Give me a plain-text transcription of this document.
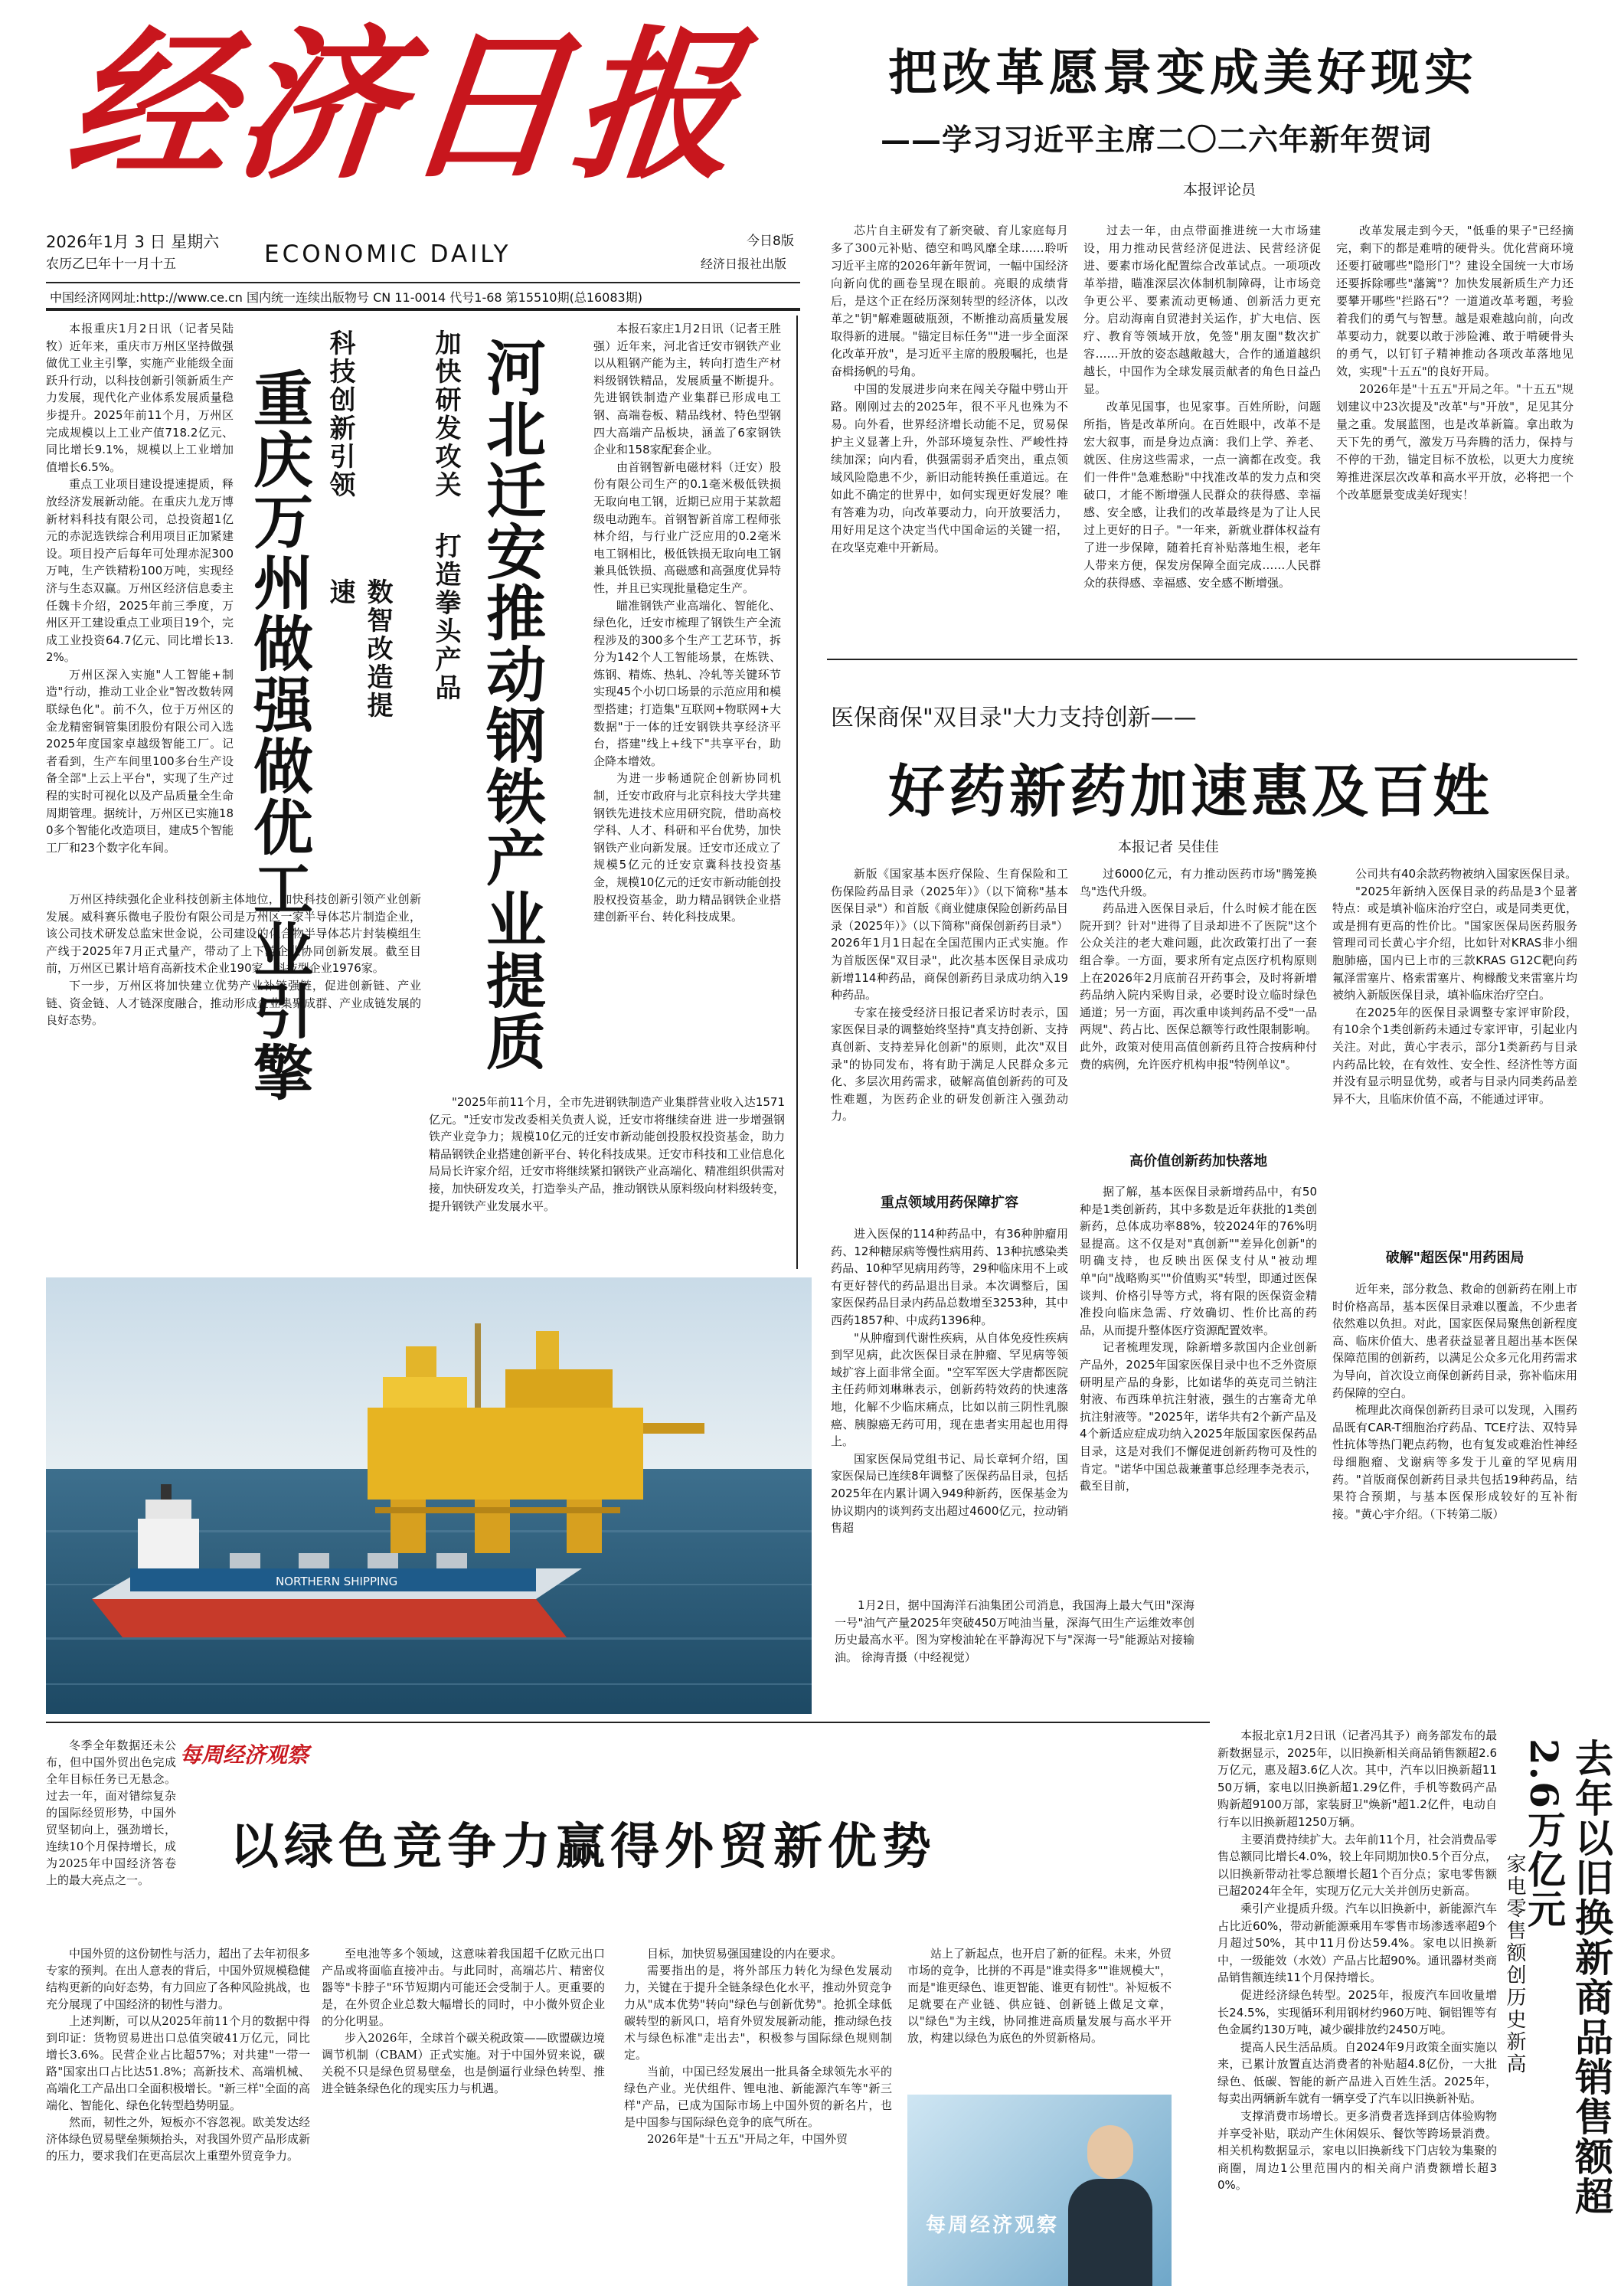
经济日报
2026年1月 3 日 星期六
农历乙巳年十一月十五	ECONOMIC DAILY	今日8版
经济日报社出版
中国经济网网址:http://www.ce.cn 国内统一连续出版物号 CN 11-0014 代号1-68 第15510期(总16083期)
把改革愿景变成美好现实
——学习习近平主席二〇二六年新年贺词
本报评论员

芯片自主研发有了新突破、育儿家庭每月多了300元补贴、德空和鸣风靡全球……聆听习近平主席的2026年新年贺词，一幅中国经济向新向优的画卷呈现在眼前。亮眼的成绩背后，是这个正在经历深刻转型的经济体，以改革之"钥"解难题破瓶颈，不断推动高质量发展取得新的进展。"锚定目标任务""进一步全面深化改革开放"，是习近平主席的殷殷嘱托，也是奋楫扬帆的号角。

中国的发展进步向来在闯关夺隘中劈山开路。刚刚过去的2025年，很不平凡也殊为不易。向外看，世界经济增长动能不足，贸易保护主义显著上升，外部环境复杂性、严峻性持续加深；向内看，供强需弱矛盾突出，重点领域风险隐患不少，新旧动能转换任重道远。在如此不确定的世界中，如何实现更好发展？唯有答难为功，向改革要动力，向开放要活力，用好用足这个决定当代中国命运的关键一招，在攻坚克难中开新局。

过去一年，由点带面推进统一大市场建设，用力推动民营经济促进法、民营经济促进、要素市场化配置综合改革试点。一项项改革举措，瞄准深层次体制机制障碍，让市场竞争更公平、要素流动更畅通、创新活力更充分。启动海南自贸港封关运作，扩大电信、医疗、教育等领域开放，免签"朋友圈"数次扩容……开放的姿态越敞越大，合作的通道越织越长，中国作为全球发展贡献者的角色日益凸显。

改革见国事，也见家事。百姓所盼，问题所指，皆是改革所向。在百姓眼中，改革不是宏大叙事，而是身边点滴：我们上学、养老、就医、住房这些需求，一点一滴都在改变。我们一件件"急难愁盼"中找准改革的发力点和突破口，才能不断增强人民群众的获得感、幸福感、安全感，让我们的改革最终是为了让人民过上更好的日子。"一年来，新就业群体权益有了进一步保障，随着托育补贴落地生根，老年人带来方便，保发房保障全面完成……人民群众的获得感、幸福感、安全感不断增强。

改革发展走到今天，"低垂的果子"已经摘完，剩下的都是难啃的硬骨头。优化营商环境还要打破哪些"隐形门"？建设全国统一大市场还要拆除哪些"藩篱"？加快发展新质生产力还要攀开哪些"拦路石"？一道道改革考题，考验着我们的勇气与智慧。越是艰难越向前，向改革要动力，就要以敢于涉险滩、敢于啃硬骨头的勇气，以钉钉子精神推动各项改革落地见效，实现"十五五"的良好开局。

2026年是"十五五"开局之年。"十五五"规划建议中23次提及"改革"与"开放"，足见其分量之重。发展蓝图，也是改革新篇。拿出敢为天下先的勇气，激发万马奔腾的活力，保持与不停的干劲，锚定目标不放松，以更大力度统筹推进深层次改革和高水平开放，必将把一个个改革愿景变成美好现实！

本报重庆1月2日讯（记者吴陆牧）近年来，重庆市万州区坚持做强做优工业主引擎，实施产业能级全面跃升行动，以科技创新引领新质生产力发展，现代化产业体系发展质量稳步提升。2025年前11个月，万州区完成规模以上工业产值718.2亿元、同比增长9.1%，规模以上工业增加值增长6.5%。

重点工业项目建设提速提质，释放经济发展新动能。在重庆九龙万博新材料科技有限公司，总投资超1亿元的赤泥选铁综合利用项目正加紧建设。项目投产后每年可处理赤泥300万吨，生产铁精粉100万吨，实现经济与生态双赢。万州区经济信息委主任魏卡介绍，2025年前三季度，万州区开工建设重点工业项目19个，完成工业投资64.7亿元、同比增长13.2%。

万州区深入实施"人工智能+制造"行动，推动工业企业"智改数转网联绿色化"。前不久，位于万州区的金龙精密铜管集团股份有限公司入选2025年度国家卓越级智能工厂。记者看到，生产车间里100多台生产设备全部"上云上平台"，实现了生产过程的实时可视化以及产品质量全生命周期管理。据统计，万州区已实施180多个智能化改造项目，建成5个智能工厂和23个数字化车间。

科技创新引领
数智改造提速
重庆万州做强做优工业引擎

万州区持续强化企业科技创新主体地位，加快科技创新引领产业创新发展。威科赛乐微电子股份有限公司是万州区一家半导体芯片制造企业，该公司技术研发总监宋世金说，公司建设的化合物半导体芯片封装模组生产线于2025年7月正式量产，带动了上下游企业协同创新发展。截至目前，万州区已累计培育高新技术企业190家、科技型企业1976家。

下一步，万州区将加快建立优势产业补链强链，促进创新链、产业链、资金链、人才链深度融合，推动形成企业集聚成群、产业成链发展的良好态势。

加快研发攻关
打造拳头产品 河北迁安推动钢铁产业提质

本报石家庄1月2日讯（记者王胜强）近年来，河北省迁安市钢铁产业以从粗钢产能为主，转向打造生产材料级钢铁精品，发展质量不断提升。先进钢铁制造产业集群已形成电工钢、高端卷板、精品线材、特色型钢四大高端产品板块，涵盖了6家钢铁企业和158家配套企业。

由首钢智新电磁材料（迁安）股份有限公司生产的0.1毫米极低铁损无取向电工钢，近期已应用于某款超级电动跑车。首钢智新首席工程师张林介绍，与行业广泛应用的0.2毫米电工钢相比，极低铁损无取向电工钢兼具低铁损、高磁感和高强度优异特性，并且已实现批量稳定生产。

瞄准钢铁产业高端化、智能化、绿色化，迁安市梳理了钢铁生产全流程涉及的300多个生产工艺环节，拆分为142个人工智能场景，在炼铁、炼钢、精炼、热轧、冷轧等关键环节实现45个小切口场景的示范应用和模型搭建；打造集"互联网+物联网+大数据"于一体的迁安钢铁共享经济平台，搭建"线上+线下"共享平台，助企降本增效。

为进一步畅通院企创新协同机制，迁安市政府与北京科技大学共建钢铁先进技术应用研究院，借助高校学科、人才、科研和平台优势，加快钢铁产业向新发展。迁安市还成立了规模5亿元的迁安京冀科技投资基金，规模10亿元的迁安市新动能创投股权投资基金，助力精品钢铁企业搭建创新平台、转化科技成果。

"2025年前11个月，全市先进钢铁制造产业集群营业收入达1571亿元。"迁安市发改委相关负责人说，迁安市将继续奋进 进一步增强钢铁产业竞争力；规模10亿元的迁安市新动能创投股权投资基金，助力精品钢铁企业搭建创新平台、转化科技成果。迁安市科技和工业信息化局局长许家介绍，迁安市将继续紧扣钢铁产业高端化、精准组织供需对接，加快研发攻关，打造拳头产品，推动钢铁从原料级向材料级转变，提升钢铁产业发展水平。

医保商保"双目录"大力支持创新——
好药新药加速惠及百姓
本报记者 吴佳佳

新版《国家基本医疗保险、生育保险和工伤保险药品目录（2025年）》（以下简称"基本医保目录"）和首版《商业健康保险创新药品目录（2025年）》（以下简称"商保创新药目录"）2026年1月1日起在全国范围内正式实施。作为首版医保"双目录"，此次基本医保目录成功新增114种药品，商保创新药目录成功纳入19种药品。

专家在接受经济日报记者采访时表示，国家医保目录的调整始终坚持"真支持创新、支持真创新、支持差异化创新"的原则，此次"双目录"的协同发布，将有助于满足人民群众多元化、多层次用药需求，破解高值创新药的可及性难题，为医药企业的研发创新注入强劲动力。

重点领域用药保障扩容

进入医保的114种药品中，有36种肿瘤用药、12种糖尿病等慢性病用药、13种抗感染类药品、10种罕见病用药等，29种临床用不上或有更好替代的药品退出目录。本次调整后，国家医保药品目录内药品总数增至3253种，其中西药1857种、中成药1396种。

"从肿瘤到代谢性疾病，从自体免疫性疾病到罕见病，此次医保目录在肿瘤、罕见病等领域扩容上面非常全面。"空军军医大学唐都医院主任药师刘琳琳表示，创新药特效药的快速落地，化解不少临床痛点，比如以前三阴性乳腺癌、胰腺癌无药可用，现在患者实用起也用得上。

国家医保局党组书记、局长章轲介绍，国家医保局已连续8年调整了医保药品目录，包括2025年在内累计调入949种新药，医保基金为协议期内的谈判药支出超过4600亿元，拉动销售超

过6000亿元，有力推动医药市场"腾笼换鸟"迭代升级。

药品进入医保目录后，什么时候才能在医院开到？针对"进得了目录却进不了医院"这个公众关注的老大难问题，此次政策打出了一套组合拳。一方面，要求所有定点医疗机构原则上在2026年2月底前召开药事会，及时将新增药品纳入院内采购目录，必要时设立临时绿色通道；另一方面，再次重申谈判药品不受"一品两规"、药占比、医保总额等行政性限制影响。此外，政策对使用高值创新药且符合按病种付费的病例，允许医疗机构申报"特例单议"。

高价值创新药加快落地

据了解，基本医保目录新增药品中，有50种是1类创新药，其中多数是近年获批的1类创新药，总体成功率88%，较2024年的76%明显提高。这不仅是对"真创新""差异化创新"的明确支持，也反映出医保支付从"被动埋单"向"战略购买""价值购买"转型，即通过医保谈判、价格引导等方式，将有限的医保资金精准投向临床急需、疗效确切、性价比高的药品，从而提升整体医疗资源配置效率。

记者梳理发现，除新增多款国内企业创新产品外，2025年国家医保目录中也不乏外资原研明星产品的身影，比如诺华的英克司兰钠注射液、布西珠单抗注射液，强生的古塞奇尤单抗注射液等。"2025年，诺华共有2个新产品及4个新适应症成功纳入2025年版国家医保药品目录，这是对我们不懈促进创新药物可及性的肯定。"诺华中国总裁兼董事总经理李尧表示，截至目前，

公司共有40余款药物被纳入国家医保目录。

"2025年新纳入医保目录的药品是3个显著特点：或是填补临床治疗空白，或是同类更优，或是拥有更高的性价比。"国家医保局医药服务管理司司长黄心宇介绍，比如针对KRAS非小细胞肺癌，国内已上市的三款KRAS G12C靶向药氟泽雷塞片、格索雷塞片、枸橼酸戈来雷塞片均被纳入新版医保目录，填补临床治疗空白。

在2025年的医保目录调整专家评审阶段，有10余个1类创新药未通过专家评审，引起业内关注。对此，黄心宇表示，部分1类新药与目录内药品比较，在有效性、安全性、经济性等方面并没有显示明显优势，或者与目录内同类药品差异不大，且临床价值不高，不能通过评审。

破解"超医保"用药困局

近年来，部分救急、救命的创新药在刚上市时价格高昂，基本医保目录难以覆盖，不少患者依然难以负担。对此，国家医保局聚焦创新程度高、临床价值大、患者获益显著且超出基本医保保障范围的创新药，以满足公众多元化用药需求为导向，首次设立商保创新药目录，弥补临床用药保障的空白。

梳理此次商保创新药目录可以发现，入围药品既有CAR-T细胞治疗药品、TCE疗法、双特异性抗体等热门靶点药物，也有复发或难治性神经母细胞瘤、戈谢病等多发于儿童的罕见病用药。"首版商保创新药目录共包括19种药品，结果符合预期，与基本医保形成较好的互补衔接。"黄心宇介绍。（下转第二版）

NORTHERN SHIPPING

1月2日，据中国海洋石油集团公司消息，我国海上最大气田"深海一号"油气产量2025年突破450万吨油当量，深海气田生产运维效率创历史最高水平。图为穿梭油轮在平静海况下与"深海一号"能源站对接输油。 徐海青摄（中经视觉）

冬季全年数据还未公布，但中国外贸出色完成全年目标任务已无悬念。过去一年，面对错综复杂的国际经贸形势，中国外贸坚韧向上，强劲增长，连续10个月保持增长，成为2025年中国经济答卷上的最大亮点之一。

每周经济观察
以绿色竞争力赢得外贸新优势

中国外贸的这份韧性与活力，超出了去年初很多专家的预判。在出人意表的背后，中国外贸规模稳健结构更新的向好态势，有力回应了各种风险挑战，也充分展现了中国经济的韧性与潜力。

上述判断，可以从2025年前11个月的数据中得到印证：货物贸易进出口总值突破41万亿元，同比增长3.6%。民营企业占比超57%；对共建"一带一路"国家出口占比达51.8%；高新技术、高端机械、高端化工产品出口全面积极增长。"新三样"全面的高端化、智能化、绿色化转型趋势明显。

然而，韧性之外，短板亦不容忽视。欧美发达经济体绿色贸易壁垒频频抬头，对我国外贸产品形成新的压力，要求我们在更高层次上重塑外贸竞争力。

至电池等多个领域，这意味着我国超千亿欧元出口产品或将面临直接冲击。与此同时，高端芯片、精密仪器等"卡脖子"环节短期内可能还会受制于人。更重要的是，在外贸企业总数大幅增长的同时，中小微外贸企业的分化明显。

步入2026年，全球首个碳关税政策——欧盟碳边境调节机制（CBAM）正式实施。对于中国外贸来说，碳关税不只是绿色贸易壁垒，也是倒逼行业绿色转型、推进全链条绿色化的现实压力与机遇。

目标，加快贸易强国建设的内在要求。

需要指出的是，将外部压力转化为绿色发展动力，关键在于提升全链条绿色化水平，推动外贸竞争力从"成本优势"转向"绿色与创新优势"。抢抓全球低碳转型的新风口，培育外贸发展新动能，推动绿色技术与绿色标准"走出去"，积极参与国际绿色规则制定。

当前，中国已经发展出一批具备全球领先水平的绿色产业。光伏组件、锂电池、新能源汽车等"新三样"产品，已成为国际市场上中国外贸的新名片，也是中国参与国际绿色竞争的底气所在。

2026年是"十五五"开局之年，中国外贸

站上了新起点，也开启了新的征程。未来，外贸市场的竞争，比拼的不再是"谁卖得多""谁规模大"，而是"谁更绿色、谁更智能、谁更有韧性"。补短板不足就要在产业链、供应链、创新链上做足文章，以"绿色"为主线，协同推进高质量发展与高水平开放，构建以绿色为底色的外贸新格局。

每周经济观察

本报北京1月2日讯（记者冯其予）商务部发布的最新数据显示，2025年，以旧换新相关商品销售额超2.6万亿元，惠及超3.6亿人次。其中，汽车以旧换新超1150万辆，家电以旧换新超1.29亿件，手机等数码产品购新超9100万部，家装厨卫"焕新"超1.2亿件，电动自行车以旧换新超1250万辆。

主要消费持续扩大。去年前11个月，社会消费品零售总额同比增长4.0%，较上年同期加快0.5个百分点，以旧换新带动社零总额增长超1个百分点；家电零售额已超2024年全年，实现万亿元大关并创历史新高。

乘引产业提质升级。汽车以旧换新中，新能源汽车占比近60%，带动新能源乘用车零售市场渗透率超9个月超过50%，其中11月份达59.4%。家电以旧换新中，一级能效（水效）产品占比超90%。通讯器材类商品销售额连续11个月保持增长。

促进经济绿色转型。2025年，报废汽车回收量增长24.5%，实现循环利用钢材约960万吨、铜铝锂等有色金属约130万吨，减少碳排放约2450万吨。

提高人民生活品质。自2024年9月政策全面实施以来，已累计放置直达消费者的补贴超4.8亿份，一大批绿色、低碳、智能的新产品进入百姓生活。2025年，每卖出两辆新车就有一辆享受了汽车以旧换新补贴。

支撑消费市场增长。更多消费者选择到店体验购物并享受补贴，联动产生休闲娱乐、餐饮等跨场景消费。相关机构数据显示，家电以旧换新线下门店较为集聚的商圈，周边1公里范围内的相关商户消费额增长超30%。	去年以旧换新商品销售额超2.6万亿元
家电零售额创历史新高
